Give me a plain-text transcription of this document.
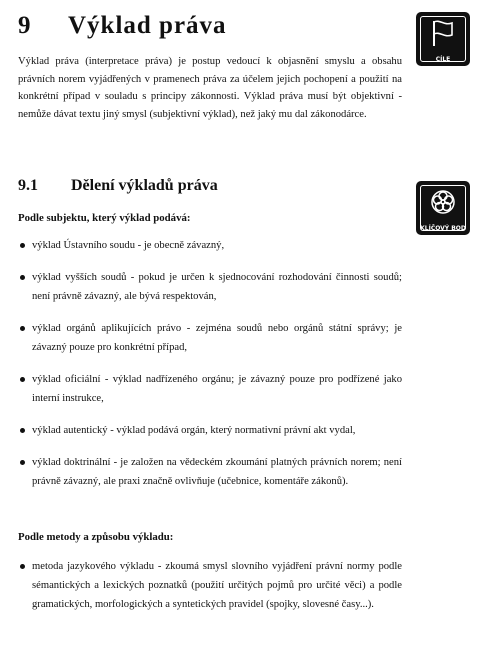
9 Výklad práva
CÍLE
Výklad práva (interpretace práva) je postup vedoucí k objasnění smyslu a obsahu právních norem vyjádřených v pramenech práva za účelem jejich pochopení a použití na konkrétní případ v souladu s principy zákonnosti. Výklad práva musí být objektivní - nemůže dávat textu jiný smysl (subjektivní výklad), než jaký mu dal zákonodárce.
9.1 Dělení výkladů práva
KLÍČOVÝ BOD
Podle subjektu, který výklad podává:
výklad Ústavního soudu - je obecně závazný,
výklad vyšších soudů - pokud je určen k sjednocování rozhodování činnosti soudů; není právně závazný, ale bývá respektován,
výklad orgánů aplikujících právo - zejména soudů nebo orgánů státní správy; je závazný pouze pro konkrétní případ,
výklad oficiální - výklad nadřízeného orgánu; je závazný pouze pro podřízené jako interní instrukce,
výklad autentický - výklad podává orgán, který normativní právní akt vydal,
výklad doktrinální - je založen na vědeckém zkoumání platných právních norem; není právně závazný, ale praxi značně ovlivňuje (učebnice, komentáře zákonů).
Podle metody a způsobu výkladu:
metoda jazykového výkladu - zkoumá smysl slovního vyjádření právní normy podle sémantických a lexických poznatků (použití určitých pojmů pro určité věci) a podle gramatických, morfologických a syntetických pravidel (spojky, slovesné časy...).
